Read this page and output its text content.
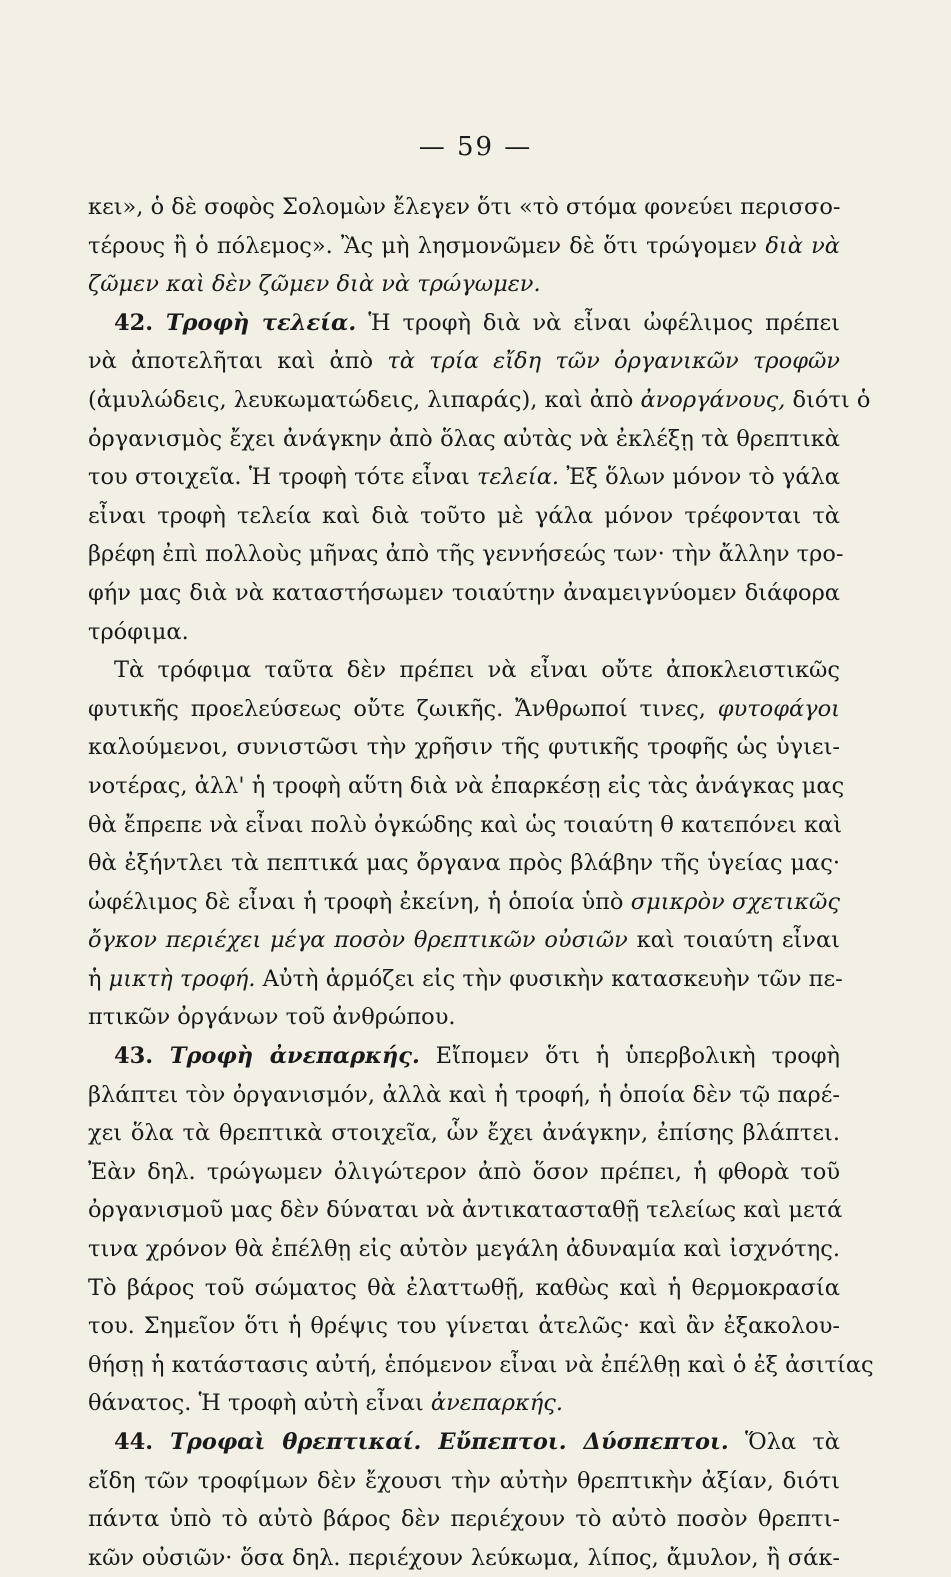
— 59 —
κει», ὁ δὲ σοφὸς Σολομὼν ἔλεγεν ὅτι «τὸ στόμα φονεύει περισσο-
τέρους ἢ ὁ πόλεμος». Ἂς μὴ λησμονῶμεν δὲ ὅτι τρώγομεν διὰ νὰ
ζῶμεν καὶ δὲν ζῶμεν διὰ νὰ τρώγωμεν.
42. Τροφὴ τελεία. Ἡ τροφὴ διὰ νὰ εἶναι ὠφέλιμος πρέπει
νὰ ἀποτελῆται καὶ ἀπὸ τὰ τρία εἴδη τῶν ὀργανικῶν τροφῶν
(ἀμυλώδεις, λευκωματώδεις, λιπαράς), καὶ ἀπὸ ἀνοργάνους, διότι ὁ
ὀργανισμὸς ἔχει ἀνάγκην ἀπὸ ὅλας αὐτὰς νὰ ἐκλέξῃ τὰ θρεπτικὰ
του στοιχεῖα. Ἡ τροφὴ τότε εἶναι τελεία. Ἐξ ὅλων μόνον τὸ γάλα
εἶναι τροφὴ τελεία καὶ διὰ τοῦτο μὲ γάλα μόνον τρέφονται τὰ
βρέφη ἐπὶ πολλοὺς μῆνας ἀπὸ τῆς γεννήσεώς των· τὴν ἄλλην τρο-
φήν μας διὰ νὰ καταστήσωμεν τοιαύτην ἀναμειγνύομεν διάφορα
τρόφιμα.
Τὰ τρόφιμα ταῦτα δὲν πρέπει νὰ εἶναι οὔτε ἀποκλειστικῶς
φυτικῆς προελεύσεως οὔτε ζωικῆς. Ἄνθρωποί τινες, φυτοφάγοι
καλούμενοι, συνιστῶσι τὴν χρῆσιν τῆς φυτικῆς τροφῆς ὡς ὑγιει-
νοτέρας, ἀλλ' ἡ τροφὴ αὕτη διὰ νὰ ἐπαρκέσῃ εἰς τὰς ἀνάγκας μας
θὰ ἔπρεπε νὰ εἶναι πολὺ ὀγκώδης καὶ ὡς τοιαύτη θ κατεπόνει καὶ
θὰ ἐξήντλει τὰ πεπτικά μας ὄργανα πρὸς βλάβην τῆς ὑγείας μας·
ὠφέλιμος δὲ εἶναι ἡ τροφὴ ἐκείνη, ἡ ὁποία ὑπὸ σμικρὸν σχετικῶς
ὄγκον περιέχει μέγα ποσὸν θρεπτικῶν οὐσιῶν καὶ τοιαύτη εἶναι
ἡ μικτὴ τροφή. Αὐτὴ ἁρμόζει εἰς τὴν φυσικὴν κατασκευὴν τῶν πε-
πτικῶν ὀργάνων τοῦ ἀνθρώπου.
43. Τροφὴ ἀνεπαρκής. Εἴπομεν ὅτι ἡ ὑπερβολικὴ τροφὴ
βλάπτει τὸν ὀργανισμόν, ἀλλὰ καὶ ἡ τροφή, ἡ ὁποία δὲν τῷ παρέ-
χει ὅλα τὰ θρεπτικὰ στοιχεῖα, ὧν ἔχει ἀνάγκην, ἐπίσης βλάπτει.
Ἐὰν δηλ. τρώγωμεν ὀλιγώτερον ἀπὸ ὅσον πρέπει, ἡ φθορὰ τοῦ
ὀργανισμοῦ μας δὲν δύναται νὰ ἀντικατασταθῇ τελείως καὶ μετά
τινα χρόνον θὰ ἐπέλθῃ εἰς αὐτὸν μεγάλη ἀδυναμία καὶ ἰσχνότης.
Τὸ βάρος τοῦ σώματος θὰ ἐλαττωθῇ, καθὼς καὶ ἡ θερμοκρασία
του. Σημεῖον ὅτι ἡ θρέψις του γίνεται ἀτελῶς· καὶ ἂν ἐξακολου-
θήσῃ ἡ κατάστασις αὐτή, ἑπόμενον εἶναι νὰ ἐπέλθῃ καὶ ὁ ἐξ ἀσιτίας
θάνατος. Ἡ τροφὴ αὐτὴ εἶναι ἀνεπαρκής.
44. Τροφαὶ θρεπτικαί. Εὔπεπτοι. Δύσπεπτοι. Ὅλα τὰ
εἴδη τῶν τροφίμων δὲν ἔχουσι τὴν αὐτὴν θρεπτικὴν ἀξίαν, διότι
πάντα ὑπὸ τὸ αὐτὸ βάρος δὲν περιέχουν τὸ αὐτὸ ποσὸν θρεπτι-
κῶν οὐσιῶν· ὅσα δηλ. περιέχουν λεύκωμα, λίπος, ἄμυλον, ἢ σάκ-
